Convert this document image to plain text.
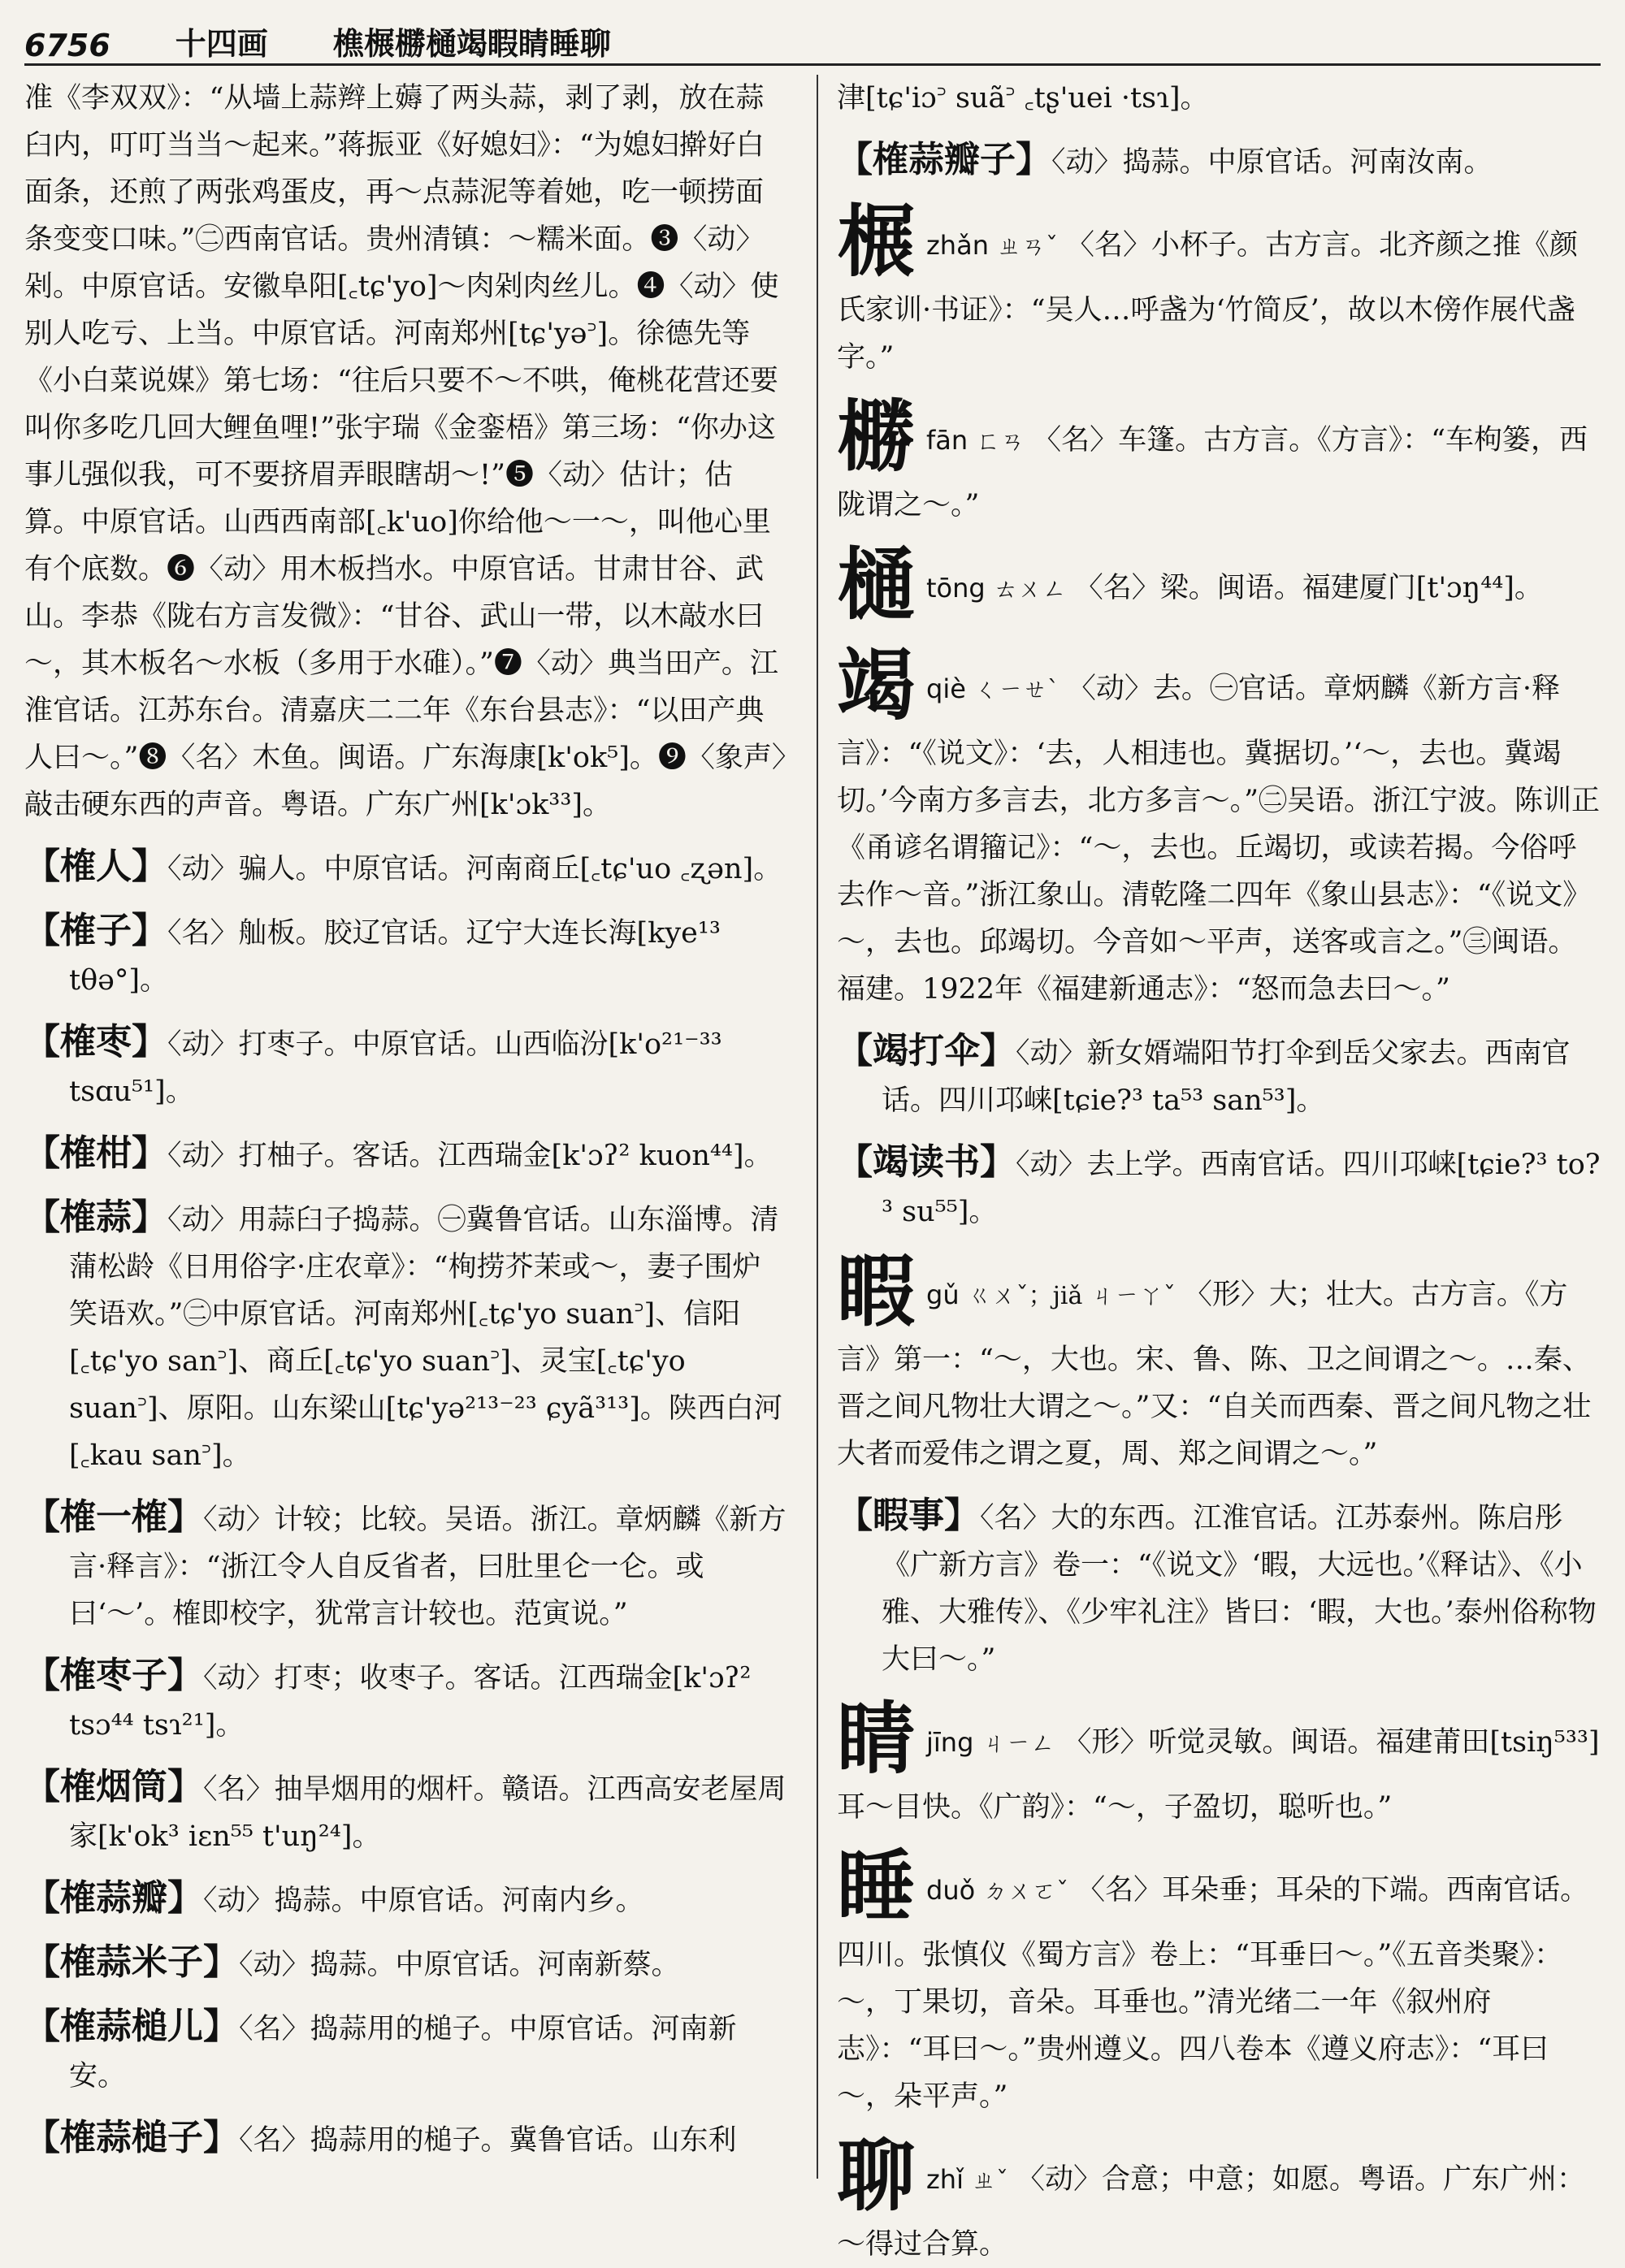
6756 十四画 樵榐橳樋竭睱睛睡聊

准《李双双》：“从墙上蒜辫上薅了两头蒜，剥了剥，放在蒜臼内，叮叮当当～起来。”蒋振亚《好媳妇》：“为媳妇擀好白面条，还煎了两张鸡蛋皮，再～点蒜泥等着她，吃一顿捞面条变变口味。”㊁西南官话。贵州清镇：～糯米面。❸〈动〉剁。中原官话。安徽阜阳[꜀tɕ'yo]～肉剁肉丝儿。❹〈动〉使别人吃亏、上当。中原官话。河南郑州[tɕ'yə꜄]。徐德先等《小白菜说媒》第七场：“往后只要不～不哄，俺桃花营还要叫你多吃几回大鲤鱼哩!”张宇瑞《金銮梧》第三场：“你办这事儿强似我，可不要挤眉弄眼瞎胡～!”❺〈动〉估计；估算。中原官话。山西西南部[꜀k'uo]你给他～一～，叫他心里有个底数。❻〈动〉用木板挡水。中原官话。甘肃甘谷、武山。李恭《陇右方言发微》：“甘谷、武山一带，以木敲水曰～，其木板名～水板（多用于水碓）。”❼〈动〉典当田产。江淮官话。江苏东台。清嘉庆二二年《东台县志》：“以田产典人曰～。”❽〈名〉木鱼。闽语。广东海康[k'ok⁵]。❾〈象声〉敲击硬东西的声音。粤语。广东广州[k'ɔk³³]。

【榷人】〈动〉骗人。中原官话。河南商丘[꜀tɕ'uo ꜀ʐən]。

【榷子】〈名〉舢板。胶辽官话。辽宁大连长海[kye¹³ tθə°]。

【榷枣】〈动〉打枣子。中原官话。山西临汾[k'o²¹⁻³³ tsɑu⁵¹]。

【榷柑】〈动〉打柚子。客话。江西瑞金[k'ɔʔ² kuon⁴⁴]。

【榷蒜】〈动〉用蒜臼子捣蒜。㊀冀鲁官话。山东淄博。清蒲松龄《日用俗字·庄农章》：“栒捞芥茉或～，妻子围炉笑语欢。”㊁中原官话。河南郑州[꜀tɕ'yo suan꜄]、信阳[꜀tɕ'yo san꜄]、商丘[꜀tɕ'yo suan꜄]、灵宝[꜀tɕ'yo suan꜄]、原阳。山东梁山[tɕ'yə²¹³⁻²³ ɕyã³¹³]。陕西白河[꜀kau san꜄]。

【榷一榷】〈动〉计较；比较。吴语。浙江。章炳麟《新方言·释言》：“浙江令人自反省者，曰肚里仑一仑。或曰‘～’。榷即校字，犹常言计较也。范寅说。”

【榷枣子】〈动〉打枣；收枣子。客话。江西瑞金[k'ɔʔ² tsɔ⁴⁴ tsɿ²¹]。

【榷烟筒】〈名〉抽旱烟用的烟杆。赣语。江西高安老屋周家[k'ok³ iɛn⁵⁵ t'uŋ²⁴]。

【榷蒜瓣】〈动〉捣蒜。中原官话。河南内乡。

【榷蒜米子】〈动〉捣蒜。中原官话。河南新蔡。

【榷蒜槌儿】〈名〉捣蒜用的槌子。中原官话。河南新安。

【榷蒜槌子】〈名〉捣蒜用的槌子。冀鲁官话。山东利

津[tɕ'iɔ꜄ suã꜄ ꜀tʂ'uei ·tsɿ]。

【榷蒜瓣子】〈动〉捣蒜。中原官话。河南汝南。

榐zhǎn ㄓㄢˇ 〈名〉小杯子。古方言。北齐颜之推《颜氏家训·书证》：“吴人…呼盏为‘竹简反’，故以木傍作展代盏字。”

橳fān ㄈㄢ 〈名〉车篷。古方言。《方言》：“车枸篓，西陇谓之～。”

樋tōng ㄊㄨㄥ 〈名〉梁。闽语。福建厦门[t'ɔŋ⁴⁴]。

竭qiè ㄑㄧㄝˋ 〈动〉去。㊀官话。章炳麟《新方言·释言》：“《说文》：‘去，人相违也。冀据切。’‘～，去也。冀竭切。’今南方多言去，北方多言～。”㊁吴语。浙江宁波。陈训正《甬谚名谓籀记》：“～，去也。丘竭切，或读若揭。今俗呼去作～音。”浙江象山。清乾隆二四年《象山县志》：“《说文》～，去也。邱竭切。今音如～平声，送客或言之。”㊂闽语。福建。1922年《福建新通志》：“怒而急去曰～。”

【竭打伞】〈动〉新女婿端阳节打伞到岳父家去。西南官话。四川邛崃[tɕie?³ ta⁵³ san⁵³]。

【竭读书】〈动〉去上学。西南官话。四川邛崃[tɕie?³ to?³ su⁵⁵]。

睱gǔ ㄍㄨˇ；jiǎ ㄐㄧㄚˇ 〈形〉大；壮大。古方言。《方言》第一：“～，大也。宋、鲁、陈、卫之间谓之～。…秦、晋之间凡物壮大谓之～。”又：“自关而西秦、晋之间凡物之壮大者而爱伟之谓之夏，周、郑之间谓之～。”

【睱事】〈名〉大的东西。江淮官话。江苏泰州。陈启彤《广新方言》卷一：“《说文》‘睱，大远也。’《释诂》、《小雅、大雅传》、《少牢礼注》皆曰：‘睱，大也。’泰州俗称物大曰～。”

睛jīng ㄐㄧㄥ 〈形〉听觉灵敏。闽语。福建莆田[tsiŋ⁵³³]耳～目快。《广韵》：“～，子盈切，聪听也。”

睡duǒ ㄉㄨㄛˇ 〈名〉耳朵垂；耳朵的下端。西南官话。四川。张慎仪《蜀方言》卷上：“耳垂曰～。”《五音类聚》：～，丁果切，音朵。耳垂也。”清光绪二一年《叙州府志》：“耳曰～。”贵州遵义。四八卷本《遵义府志》：“耳曰～，朵平声。”

聊zhǐ ㄓˇ 〈动〉合意；中意；如愿。粤语。广东广州：～得过合算。
